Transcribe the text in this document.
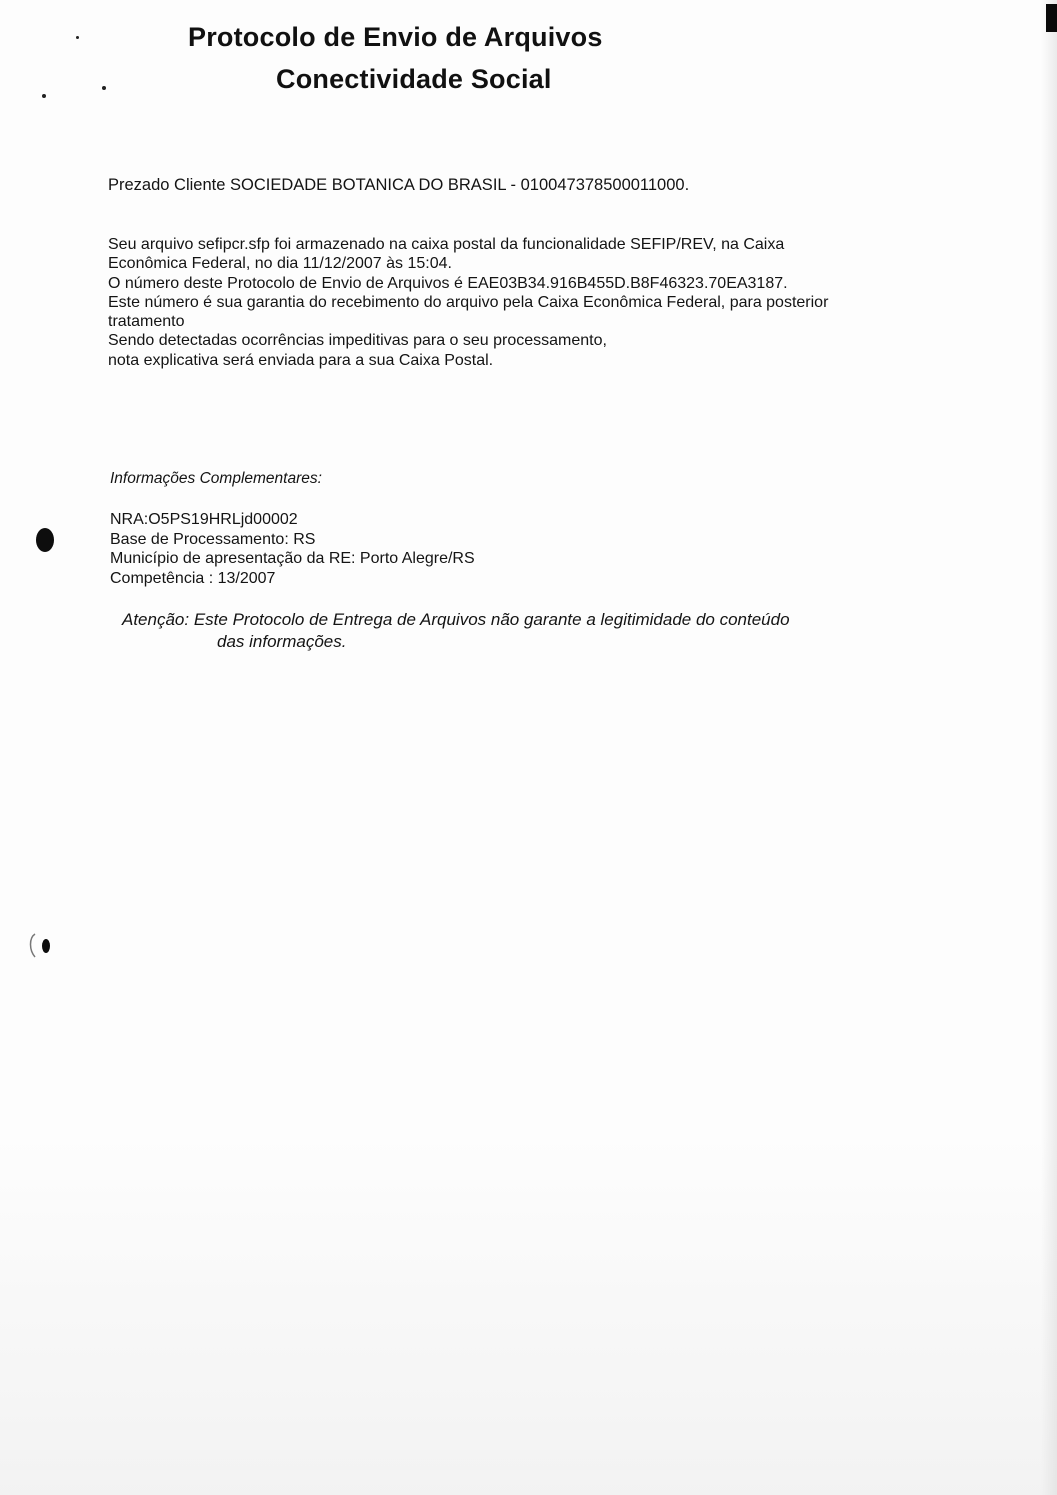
Protocolo de Envio de Arquivos
Conectividade Social
Prezado Cliente SOCIEDADE BOTANICA DO BRASIL - 010047378500011000.
Seu arquivo sefipcr.sfp foi armazenado na caixa postal da funcionalidade SEFIP/REV, na Caixa
Econômica Federal, no dia 11/12/2007 às 15:04.
O número deste Protocolo de Envio de Arquivos é EAE03B34.916B455D.B8F46323.70EA3187.
Este número é sua garantia do recebimento do arquivo pela Caixa Econômica Federal, para posterior
tratamento
Sendo detectadas ocorrências impeditivas para o seu processamento,
nota explicativa será enviada para a sua Caixa Postal.
Informações Complementares:
NRA:O5PS19HRLjd00002
Base de Processamento: RS
Município de apresentação da RE: Porto Alegre/RS
Competência : 13/2007
Atenção: Este Protocolo de Entrega de Arquivos não garante a legitimidade do conteúdo
das informações.
